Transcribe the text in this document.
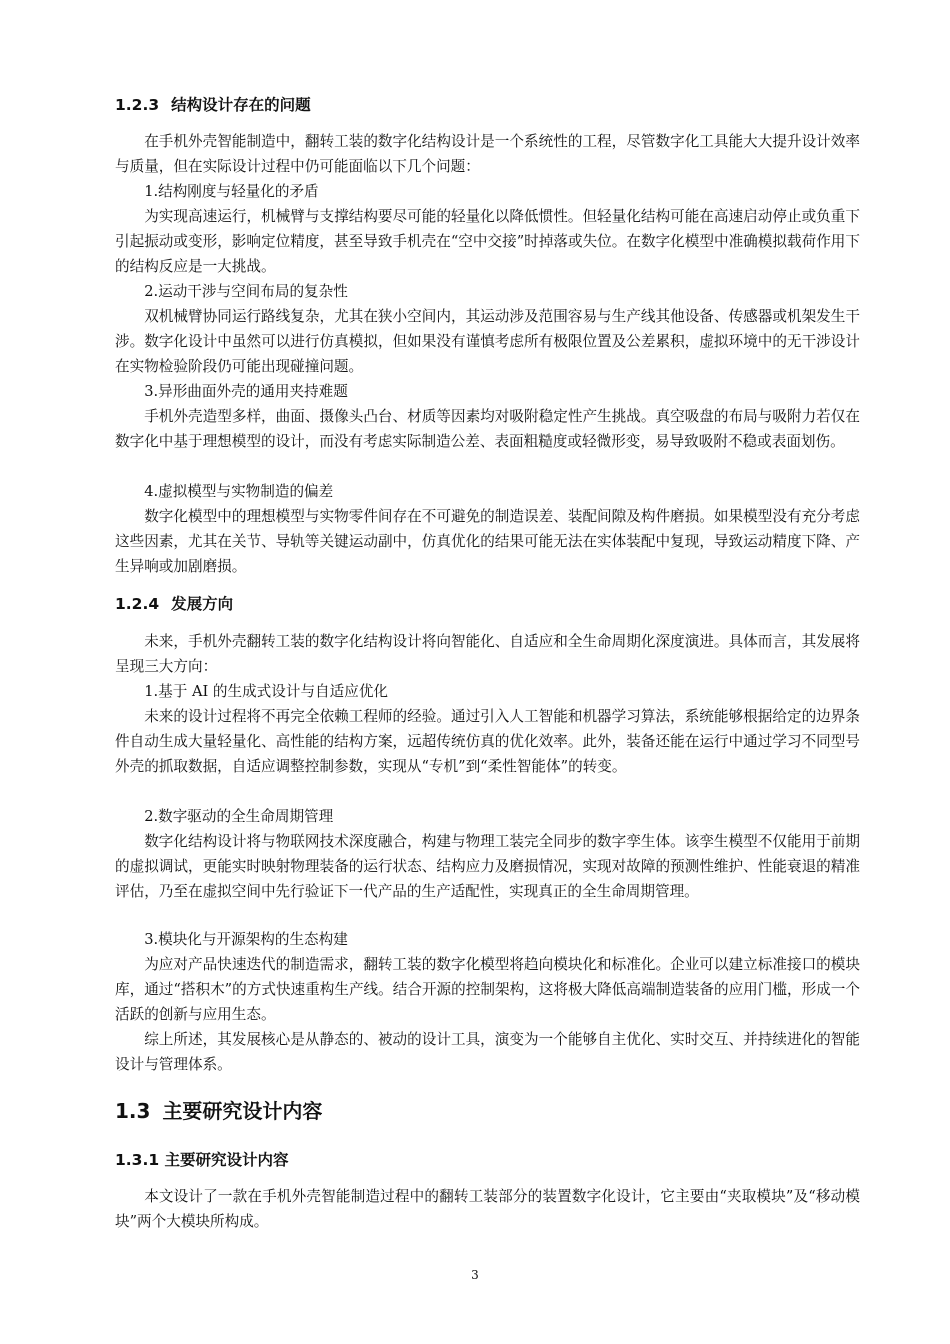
1.2.3 结构设计存在的问题

在手机外壳智能制造中，翻转工装的数字化结构设计是一个系统性的工程，尽管数字化工具能大大提升设计效率与质量，但在实际设计过程中仍可能面临以下几个问题：

1.结构刚度与轻量化的矛盾

为实现高速运行，机械臂与支撑结构要尽可能的轻量化以降低惯性。但轻量化结构可能在高速启动停止或负重下引起振动或变形，影响定位精度，甚至导致手机壳在“空中交接”时掉落或失位。在数字化模型中准确模拟载荷作用下的结构反应是一大挑战。

2.运动干涉与空间布局的复杂性

双机械臂协同运行路线复杂，尤其在狭小空间内，其运动涉及范围容易与生产线其他设备、传感器或机架发生干涉。数字化设计中虽然可以进行仿真模拟，但如果没有谨慎考虑所有极限位置及公差累积，虚拟环境中的无干涉设计在实物检验阶段仍可能出现碰撞问题。

3.异形曲面外壳的通用夹持难题

手机外壳造型多样，曲面、摄像头凸台、材质等因素均对吸附稳定性产生挑战。真空吸盘的布局与吸附力若仅在数字化中基于理想模型的设计，而没有考虑实际制造公差、表面粗糙度或轻微形变，易导致吸附不稳或表面划伤。

4.虚拟模型与实物制造的偏差

数字化模型中的理想模型与实物零件间存在不可避免的制造误差、装配间隙及构件磨损。如果模型没有充分考虑这些因素，尤其在关节、导轨等关键运动副中，仿真优化的结果可能无法在实体装配中复现，导致运动精度下降、产生异响或加剧磨损。

1.2.4 发展方向

未来，手机外壳翻转工装的数字化结构设计将向智能化、自适应和全生命周期化深度演进。具体而言，其发展将呈现三大方向：

1.基于 AI 的生成式设计与自适应优化

未来的设计过程将不再完全依赖工程师的经验。通过引入人工智能和机器学习算法，系统能够根据给定的边界条件自动生成大量轻量化、高性能的结构方案，远超传统仿真的优化效率。此外，装备还能在运行中通过学习不同型号外壳的抓取数据，自适应调整控制参数，实现从“专机”到“柔性智能体”的转变。

2.数字驱动的全生命周期管理

数字化结构设计将与物联网技术深度融合，构建与物理工装完全同步的数字孪生体。该孪生模型不仅能用于前期的虚拟调试，更能实时映射物理装备的运行状态、结构应力及磨损情况，实现对故障的预测性维护、性能衰退的精准评估，乃至在虚拟空间中先行验证下一代产品的生产适配性，实现真正的全生命周期管理。

3.模块化与开源架构的生态构建

为应对产品快速迭代的制造需求，翻转工装的数字化模型将趋向模块化和标准化。企业可以建立标准接口的模块库，通过“搭积木”的方式快速重构生产线。结合开源的控制架构，这将极大降低高端制造装备的应用门槛，形成一个活跃的创新与应用生态。

综上所述，其发展核心是从静态的、被动的设计工具，演变为一个能够自主优化、实时交互、并持续进化的智能设计与管理体系。

1.3 主要研究设计内容
1.3.1 主要研究设计内容

本文设计了一款在手机外壳智能制造过程中的翻转工装部分的装置数字化设计，它主要由“夹取模块”及“移动模块”两个大模块所构成。

3
